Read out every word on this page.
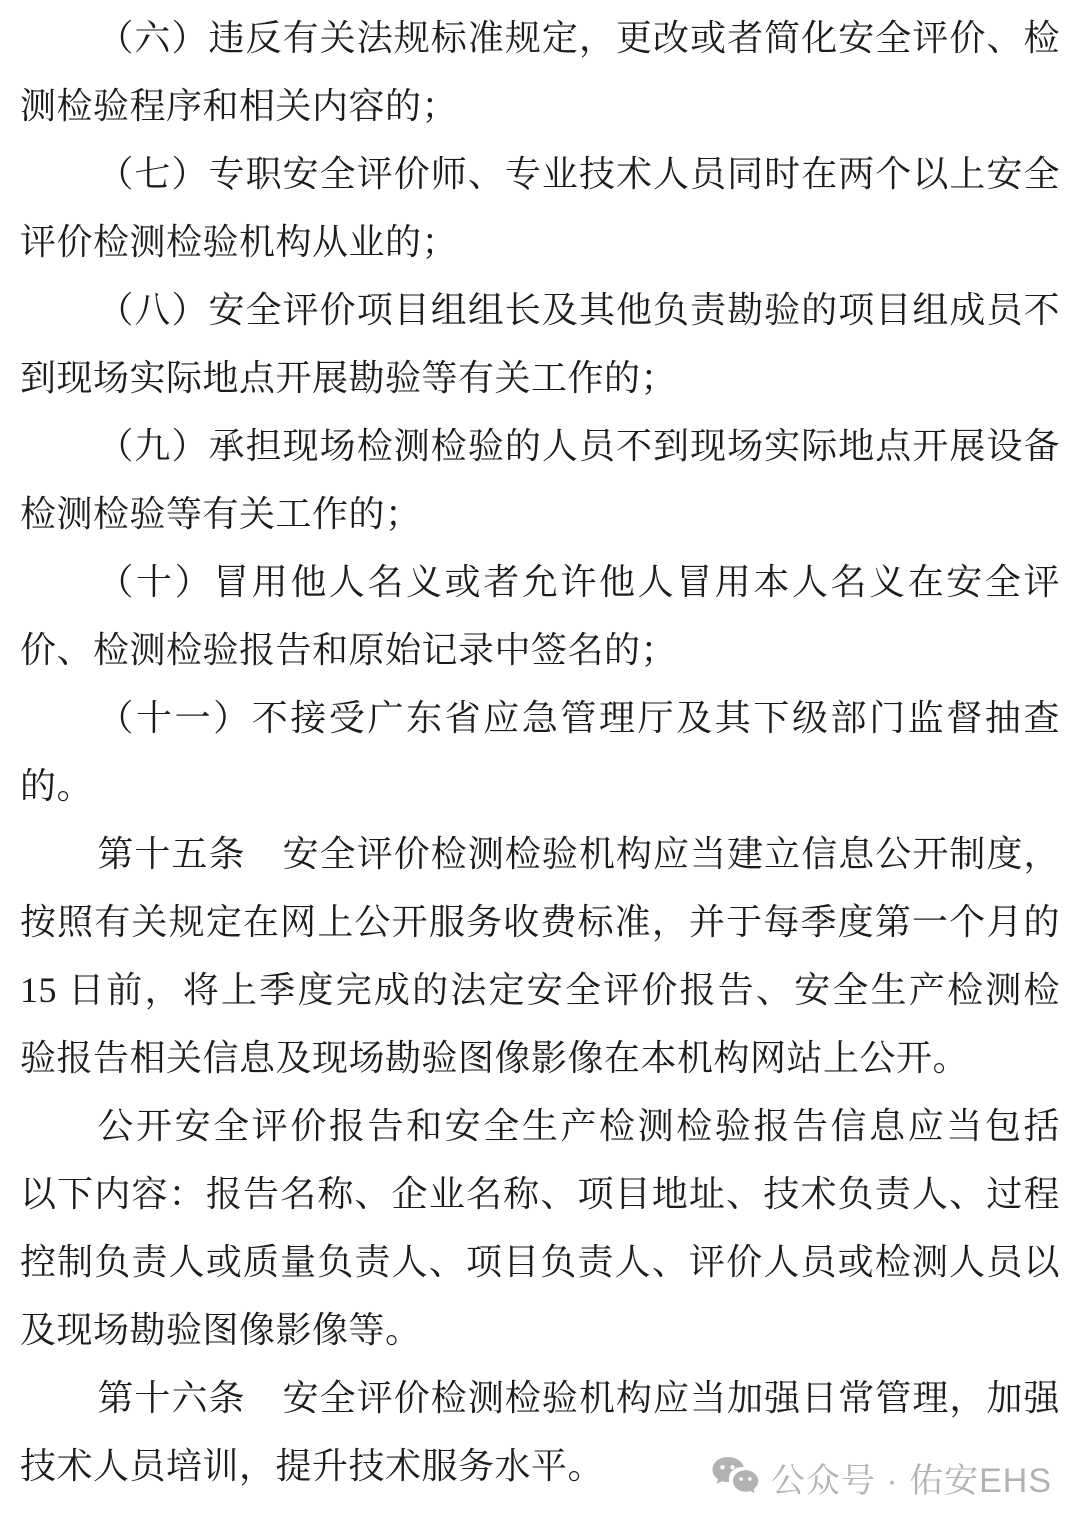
（六）违反有关法规标准规定，更改或者简化安全评价、检
测检验程序和相关内容的；
（七）专职安全评价师、专业技术人员同时在两个以上安全
评价检测检验机构从业的；
（八）安全评价项目组组长及其他负责勘验的项目组成员不
到现场实际地点开展勘验等有关工作的；
（九）承担现场检测检验的人员不到现场实际地点开展设备
检测检验等有关工作的；
（十）冒用他人名义或者允许他人冒用本人名义在安全评
价、检测检验报告和原始记录中签名的；
（十一）不接受广东省应急管理厅及其下级部门监督抽查
的。
第十五条　安全评价检测检验机构应当建立信息公开制度，
按照有关规定在网上公开服务收费标准，并于每季度第一个月的
15 日前，将上季度完成的法定安全评价报告、安全生产检测检
验报告相关信息及现场勘验图像影像在本机构网站上公开。
公开安全评价报告和安全生产检测检验报告信息应当包括
以下内容：报告名称、企业名称、项目地址、技术负责人、过程
控制负责人或质量负责人、项目负责人、评价人员或检测人员以
及现场勘验图像影像等。
第十六条　安全评价检测检验机构应当加强日常管理，加强
技术人员培训，提升技术服务水平。	公众号 · 佑安EHS
